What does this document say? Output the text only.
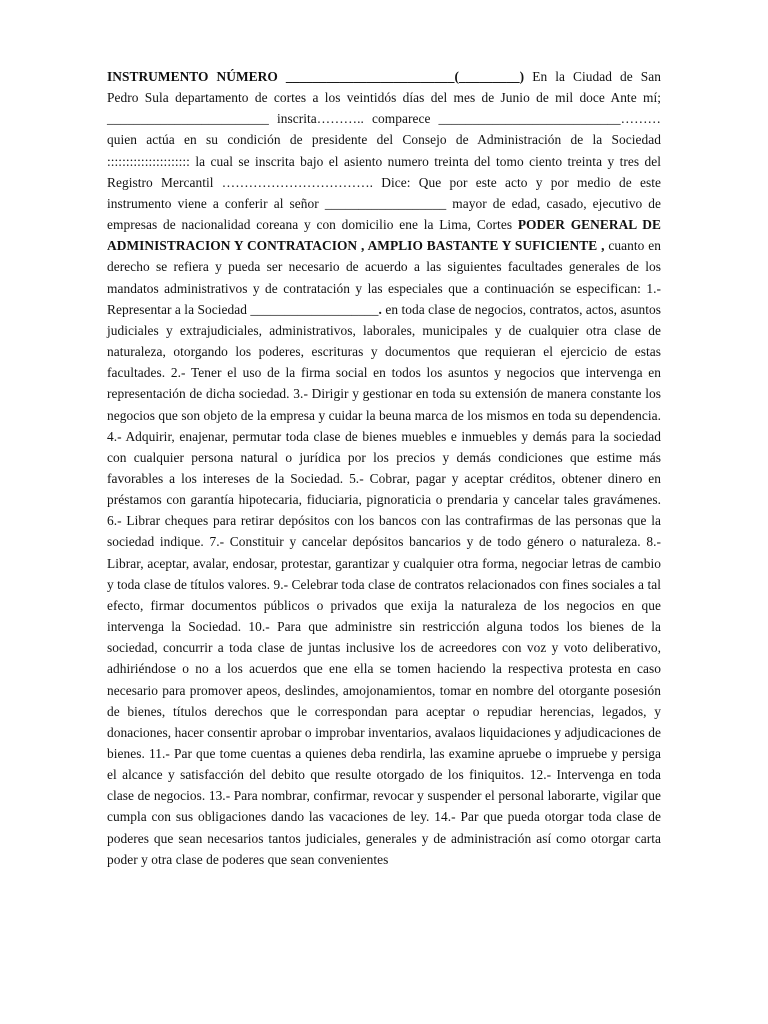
INSTRUMENTO NÚMERO _________________________(_________) En la Ciudad de San Pedro Sula departamento de cortes a los veintidós días del mes de Junio de mil doce Ante mí; ________________________ inscrita……….. comparece ___________________________……… quien actúa en su condición de presidente del Consejo de Administración de la Sociedad :::::::::::::::::::::: la cual se inscrita bajo el asiento numero treinta del tomo ciento treinta y tres del Registro Mercantil ……………………………. Dice: Que por este acto y por medio de este instrumento viene a conferir al señor __________________ mayor de edad, casado, ejecutivo de empresas de nacionalidad coreana y con domicilio ene la Lima, Cortes PODER GENERAL DE ADMINISTRACION Y CONTRATACION , AMPLIO BASTANTE Y SUFICIENTE , cuanto en derecho se refiera y pueda ser necesario de acuerdo a las siguientes facultades generales de los mandatos administrativos y de contratación y las especiales que a continuación se especifican: 1.- Representar a la Sociedad ___________________. en toda clase de negocios, contratos, actos, asuntos judiciales y extrajudiciales, administrativos, laborales, municipales y de cualquier otra clase de naturaleza, otorgando los poderes, escrituras y documentos que requieran el ejercicio de estas facultades. 2.- Tener el uso de la firma social en todos los asuntos y negocios que intervenga en representación de dicha sociedad. 3.- Dirigir y gestionar en toda su extensión de manera constante los negocios que son objeto de la empresa y cuidar la beuna marca de los mismos en toda su dependencia. 4.- Adquirir, enajenar, permutar toda clase de bienes muebles e inmuebles y demás para la sociedad con cualquier persona natural o jurídica por los precios y demás condiciones que estime más favorables a los intereses de la Sociedad. 5.- Cobrar, pagar y aceptar créditos, obtener dinero en préstamos con garantía hipotecaria, fiduciaria, pignoraticia o prendaria y cancelar tales gravámenes. 6.- Librar cheques para retirar depósitos con los bancos con las contrafirmas de las personas que la sociedad indique. 7.- Constituir y cancelar depósitos bancarios y de todo género o naturaleza. 8.- Librar, aceptar, avalar, endosar, protestar, garantizar y cualquier otra forma, negociar letras de cambio y toda clase de títulos valores. 9.- Celebrar toda clase de contratos relacionados con fines sociales a tal efecto, firmar documentos públicos o privados que exija la naturaleza de los negocios en que intervenga la Sociedad. 10.- Para que administre sin restricción alguna todos los bienes de la sociedad, concurrir a toda clase de juntas inclusive los de acreedores con voz y voto deliberativo, adhiriéndose o no a los acuerdos que ene ella se tomen haciendo la respectiva protesta en caso necesario para promover apeos, deslindes, amojonamientos, tomar en nombre del otorgante posesión de bienes, títulos derechos que le correspondan para aceptar o repudiar herencias, legados, y donaciones, hacer consentir aprobar o improbar inventarios, avalaos liquidaciones y adjudicaciones de bienes. 11.- Par que tome cuentas a quienes deba rendirla, las examine apruebe o impruebe y persiga el alcance y satisfacción del debito que resulte otorgado de los finiquitos. 12.- Intervenga en toda clase de negocios. 13.- Para nombrar, confirmar, revocar y suspender el personal laborarte, vigilar que cumpla con sus obligaciones dando las vacaciones de ley. 14.- Par que pueda otorgar toda clase de poderes que sean necesarios tantos judiciales, generales y de administración así como otorgar carta poder y otra clase de poderes que sean convenientes
